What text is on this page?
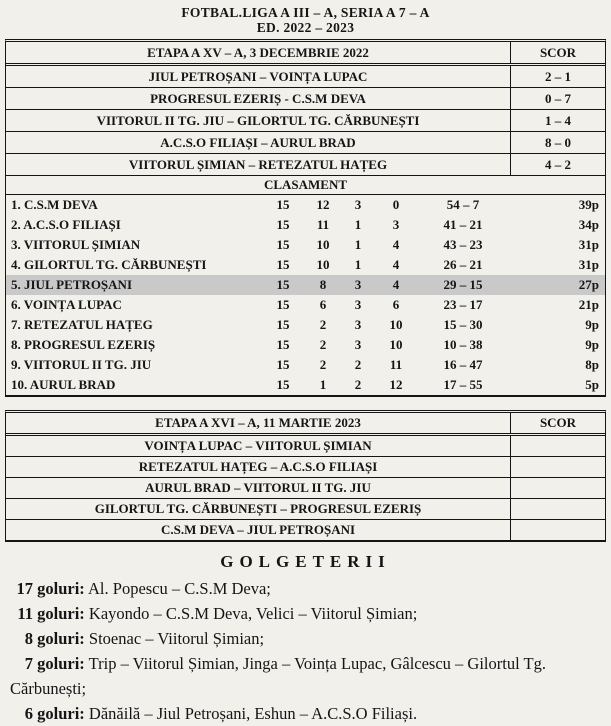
FOTBAL.LIGA A III – A, SERIA A 7 – A
ED. 2022 – 2023
ETAPA A XV – A, 3 DECEMBRIE 2022	SCOR
JIUL PETROȘANI – VOINȚA LUPAC	2 – 1
PROGRESUL EZERIȘ - C.S.M DEVA	0 – 7
VIITORUL II TG. JIU – GILORTUL TG. CĂRBUNEȘTI	1 – 4
A.C.S.O FILIAȘI – AURUL BRAD	8 – 0
VIITORUL ȘIMIAN – RETEZATUL HAȚEG	4 – 2
CLASAMENT
1. C.S.M DEVA	15	12	3	0	54 – 7	39p
2. A.C.S.O FILIAȘI	15	11	1	3	41 – 21	34p
3. VIITORUL ȘIMIAN	15	10	1	4	43 – 23	31p
4. GILORTUL TG. CĂRBUNEȘTI	15	10	1	4	26 – 21	31p
5. JIUL PETROȘANI	15	8	3	4	29 – 15	27p
6. VOINȚA LUPAC	15	6	3	6	23 – 17	21p
7. RETEZATUL HAȚEG	15	2	3	10	15 – 30	9p
8. PROGRESUL EZERIȘ	15	2	3	10	10 – 38	9p
9. VIITORUL II TG. JIU	15	2	2	11	16 – 47	8p
10. AURUL BRAD	15	1	2	12	17 – 55	5p
ETAPA A XVI – A, 11 MARTIE 2023	SCOR
VOINȚA LUPAC – VIITORUL ȘIMIAN
RETEZATUL HAȚEG – A.C.S.O FILIAȘI
AURUL BRAD – VIITORUL II TG. JIU
GILORTUL TG. CĂRBUNEȘTI – PROGRESUL EZERIȘ
C.S.M DEVA – JIUL PETROȘANI
GOLGETERII
17 goluri: Al. Popescu – C.S.M Deva;
11 goluri: Kayondo – C.S.M Deva, Velici – Viitorul Șimian;
8 goluri: Stoenac – Viitorul Șimian;
7 goluri: Trip – Viitorul Șimian, Jinga – Voința Lupac, Gâlcescu – Gilortul Tg. Cărbunești;
6 goluri: Dănăilă – Jiul Petroșani, Eshun – A.C.S.O Filiași.
